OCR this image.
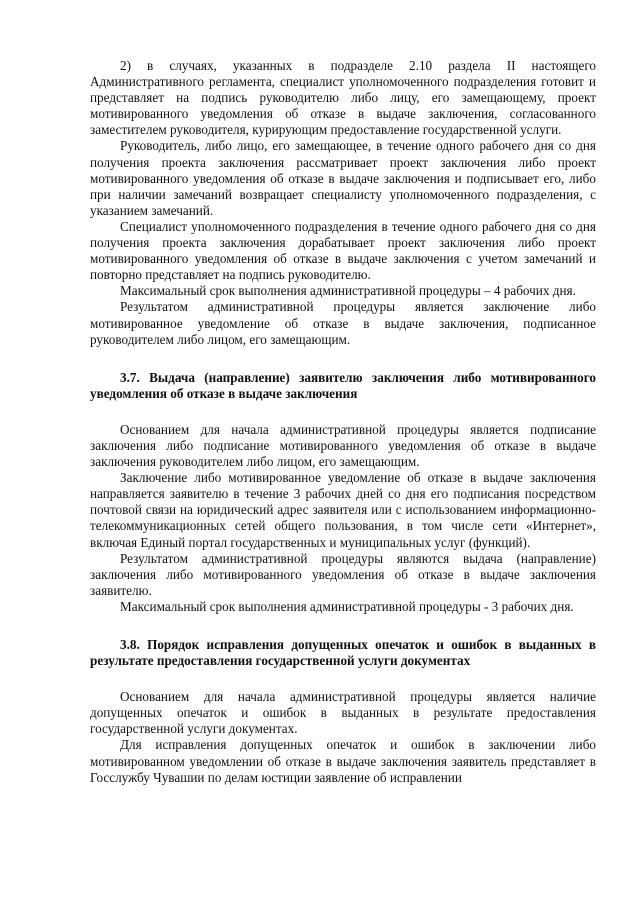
2) в случаях, указанных в подразделе 2.10 раздела II настоящего Административного регламента, специалист уполномоченного подразделения готовит и представляет на подпись руководителю либо лицу, его замещающему, проект мотивированного уведомления об отказе в выдаче заключения, согласованного заместителем руководителя, курирующим предоставление государственной услуги.

Руководитель, либо лицо, его замещающее, в течение одного рабочего дня со дня получения проекта заключения рассматривает проект заключения либо проект мотивированного уведомления об отказе в выдаче заключения и подписывает его, либо при наличии замечаний возвращает специалисту уполномоченного подразделения, с указанием замечаний.

Специалист уполномоченного подразделения в течение одного рабочего дня со дня получения проекта заключения дорабатывает проект заключения либо проект мотивированного уведомления об отказе в выдаче заключения с учетом замечаний и повторно представляет на подпись руководителю.

Максимальный срок выполнения административной процедуры – 4 рабочих дня.

Результатом административной процедуры является заключение либо мотивированное уведомление об отказе в выдаче заключения, подписанное руководителем либо лицом, его замещающим.

3.7. Выдача (направление) заявителю заключения либо мотивированного уведомления об отказе в выдаче заключения

Основанием для начала административной процедуры является подписание заключения либо подписание мотивированного уведомления об отказе в выдаче заключения руководителем либо лицом, его замещающим.

Заключение либо мотивированное уведомление об отказе в выдаче заключения направляется заявителю в течение 3 рабочих дней со дня его подписания посредством почтовой связи на юридический адрес заявителя или с использованием информационно-телекоммуникационных сетей общего пользования, в том числе сети «Интернет», включая Единый портал государственных и муниципальных услуг (функций).

Результатом административной процедуры являются выдача (направление) заключения либо мотивированного уведомления об отказе в выдаче заключения заявителю.

Максимальный срок выполнения административной процедуры - 3 рабочих дня.

3.8. Порядок исправления допущенных опечаток и ошибок в выданных в результате предоставления государственной услуги документах

Основанием для начала административной процедуры является наличие допущенных опечаток и ошибок в выданных в результате предоставления государственной услуги документах.

Для исправления допущенных опечаток и ошибок в заключении либо мотивированном уведомлении об отказе в выдаче заключения заявитель представляет в Госслужбу Чувашии по делам юстиции заявление об исправлении
